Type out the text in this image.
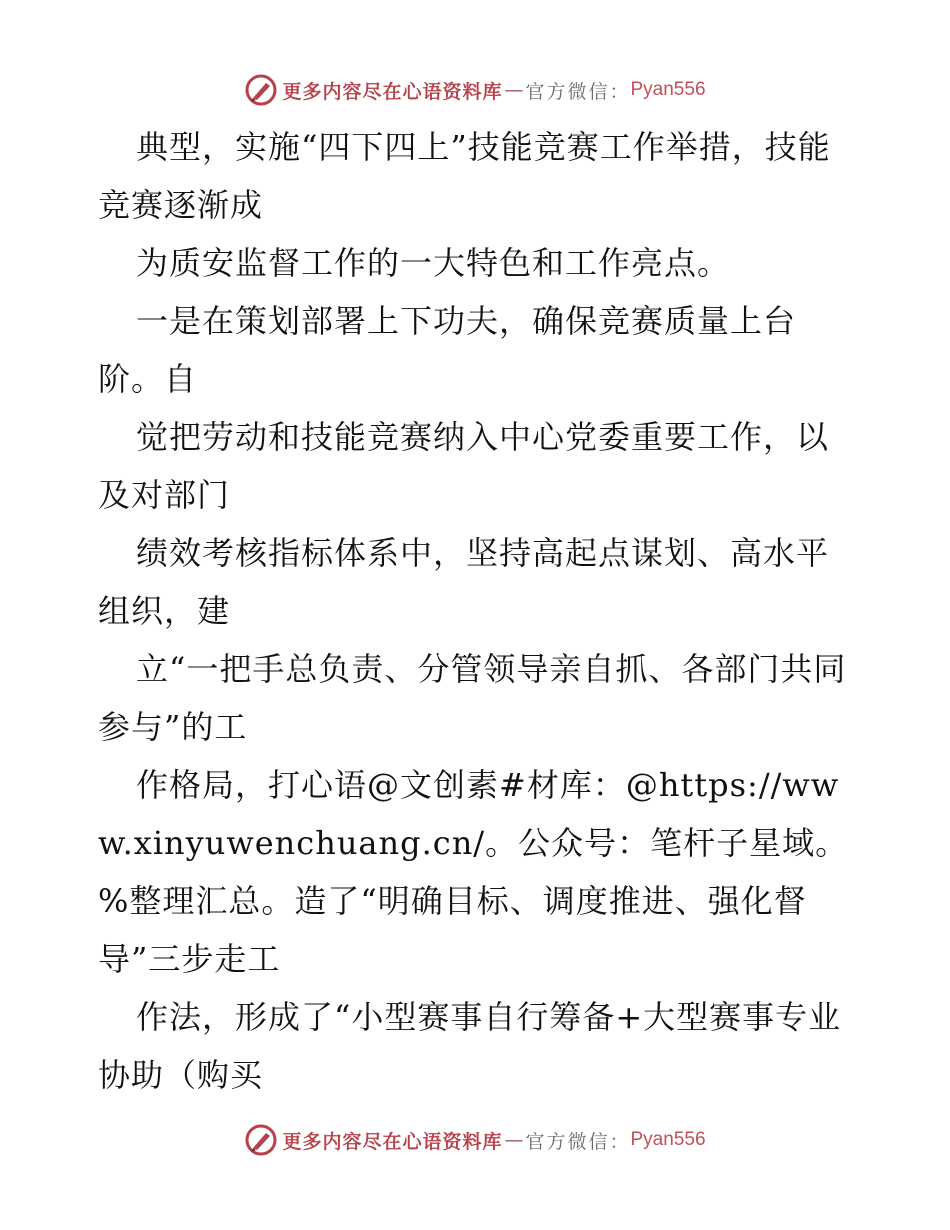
更多内容尽在心语资料库 — 官方微信： Pyan556

典型，实施“四下四上”技能竞赛工作举措，技能竞赛逐渐成

为质安监督工作的一大特色和工作亮点。

一是在策划部署上下功夫，确保竞赛质量上台阶。自

觉把劳动和技能竞赛纳入中心党委重要工作，以及对部门

绩效考核指标体系中，坚持高起点谋划、高水平组织，建

立“一把手总负责、分管领导亲自抓、各部门共同参与”的工

作格局，打心语@文创素#材库：@https://www.xinyuwenchuang.cn/。公众号：笔杆子星域。%整理汇总。造了“明确目标、调度推进、强化督导”三步走工

作法，形成了“小型赛事自行筹备+大型赛事专业协助（购买

更多内容尽在心语资料库 — 官方微信： Pyan556
